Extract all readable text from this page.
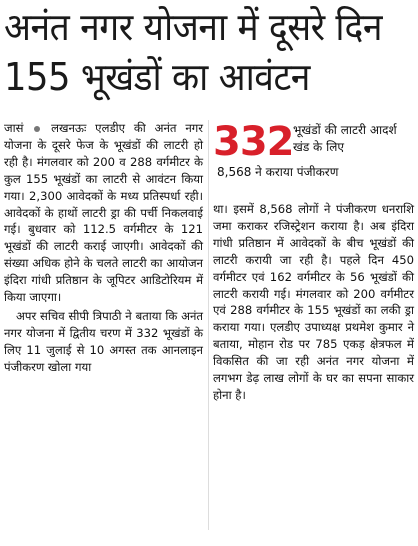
अनंत नगर योजना में दूसरे दिन
155 भूखंडों का आवंटन

जासं लखनऊः एलडीए की अनंत नगर योजना के दूसरे फेज के भूखंडों की लाटरी हो रही है। मंगलवार को 200 व 288 वर्गमीटर के कुल 155 भूखंडों का लाटरी से आवंटन किया गया। 2,300 आवेदकों के मध्य प्रतिस्पर्धा रही। आवेदकों के हाथों लाटरी ड्रा की पर्ची निकलवाई गई। बुधवार को 112.5 वर्गमीटर के 121 भूखंडों की लाटरी कराई जाएगी। आवेदकों की संख्या अधिक होने के चलते लाटरी का आयोजन इंदिरा गांधी प्रतिष्ठान के जूपिटर आडिटोरियम में किया जाएगा।

अपर सचिव सीपी त्रिपाठी ने बताया कि अनंत नगर योजना में द्वितीय चरण में 332 भूखंडों के लिए 11 जुलाई से 10 अगस्त तक आनलाइन पंजीकरण खोला गया

332 भूखंडों की लाटरी आदर्श खंड के लिए
8,568 ने कराया पंजीकरण

था। इसमें 8,568 लोगों ने पंजीकरण धनराशि जमा कराकर रजिस्ट्रेशन कराया है। अब इंदिरा गांधी प्रतिष्ठान में आवेदकों के बीच भूखंडों की लाटरी करायी जा रही है। पहले दिन 450 वर्गमीटर एवं 162 वर्गमीटर के 56 भूखंडों की लाटरी करायी गई। मंगलवार को 200 वर्गमीटर एवं 288 वर्गमीटर के 155 भूखंडों का लकी ड्रा कराया गया। एलडीए उपाध्यक्ष प्रथमेश कुमार ने बताया, मोहान रोड पर 785 एकड़ क्षेत्रफल में विकसित की जा रही अनंत नगर योजना में लगभग डेढ़ लाख लोगों के घर का सपना साकार होना है।
